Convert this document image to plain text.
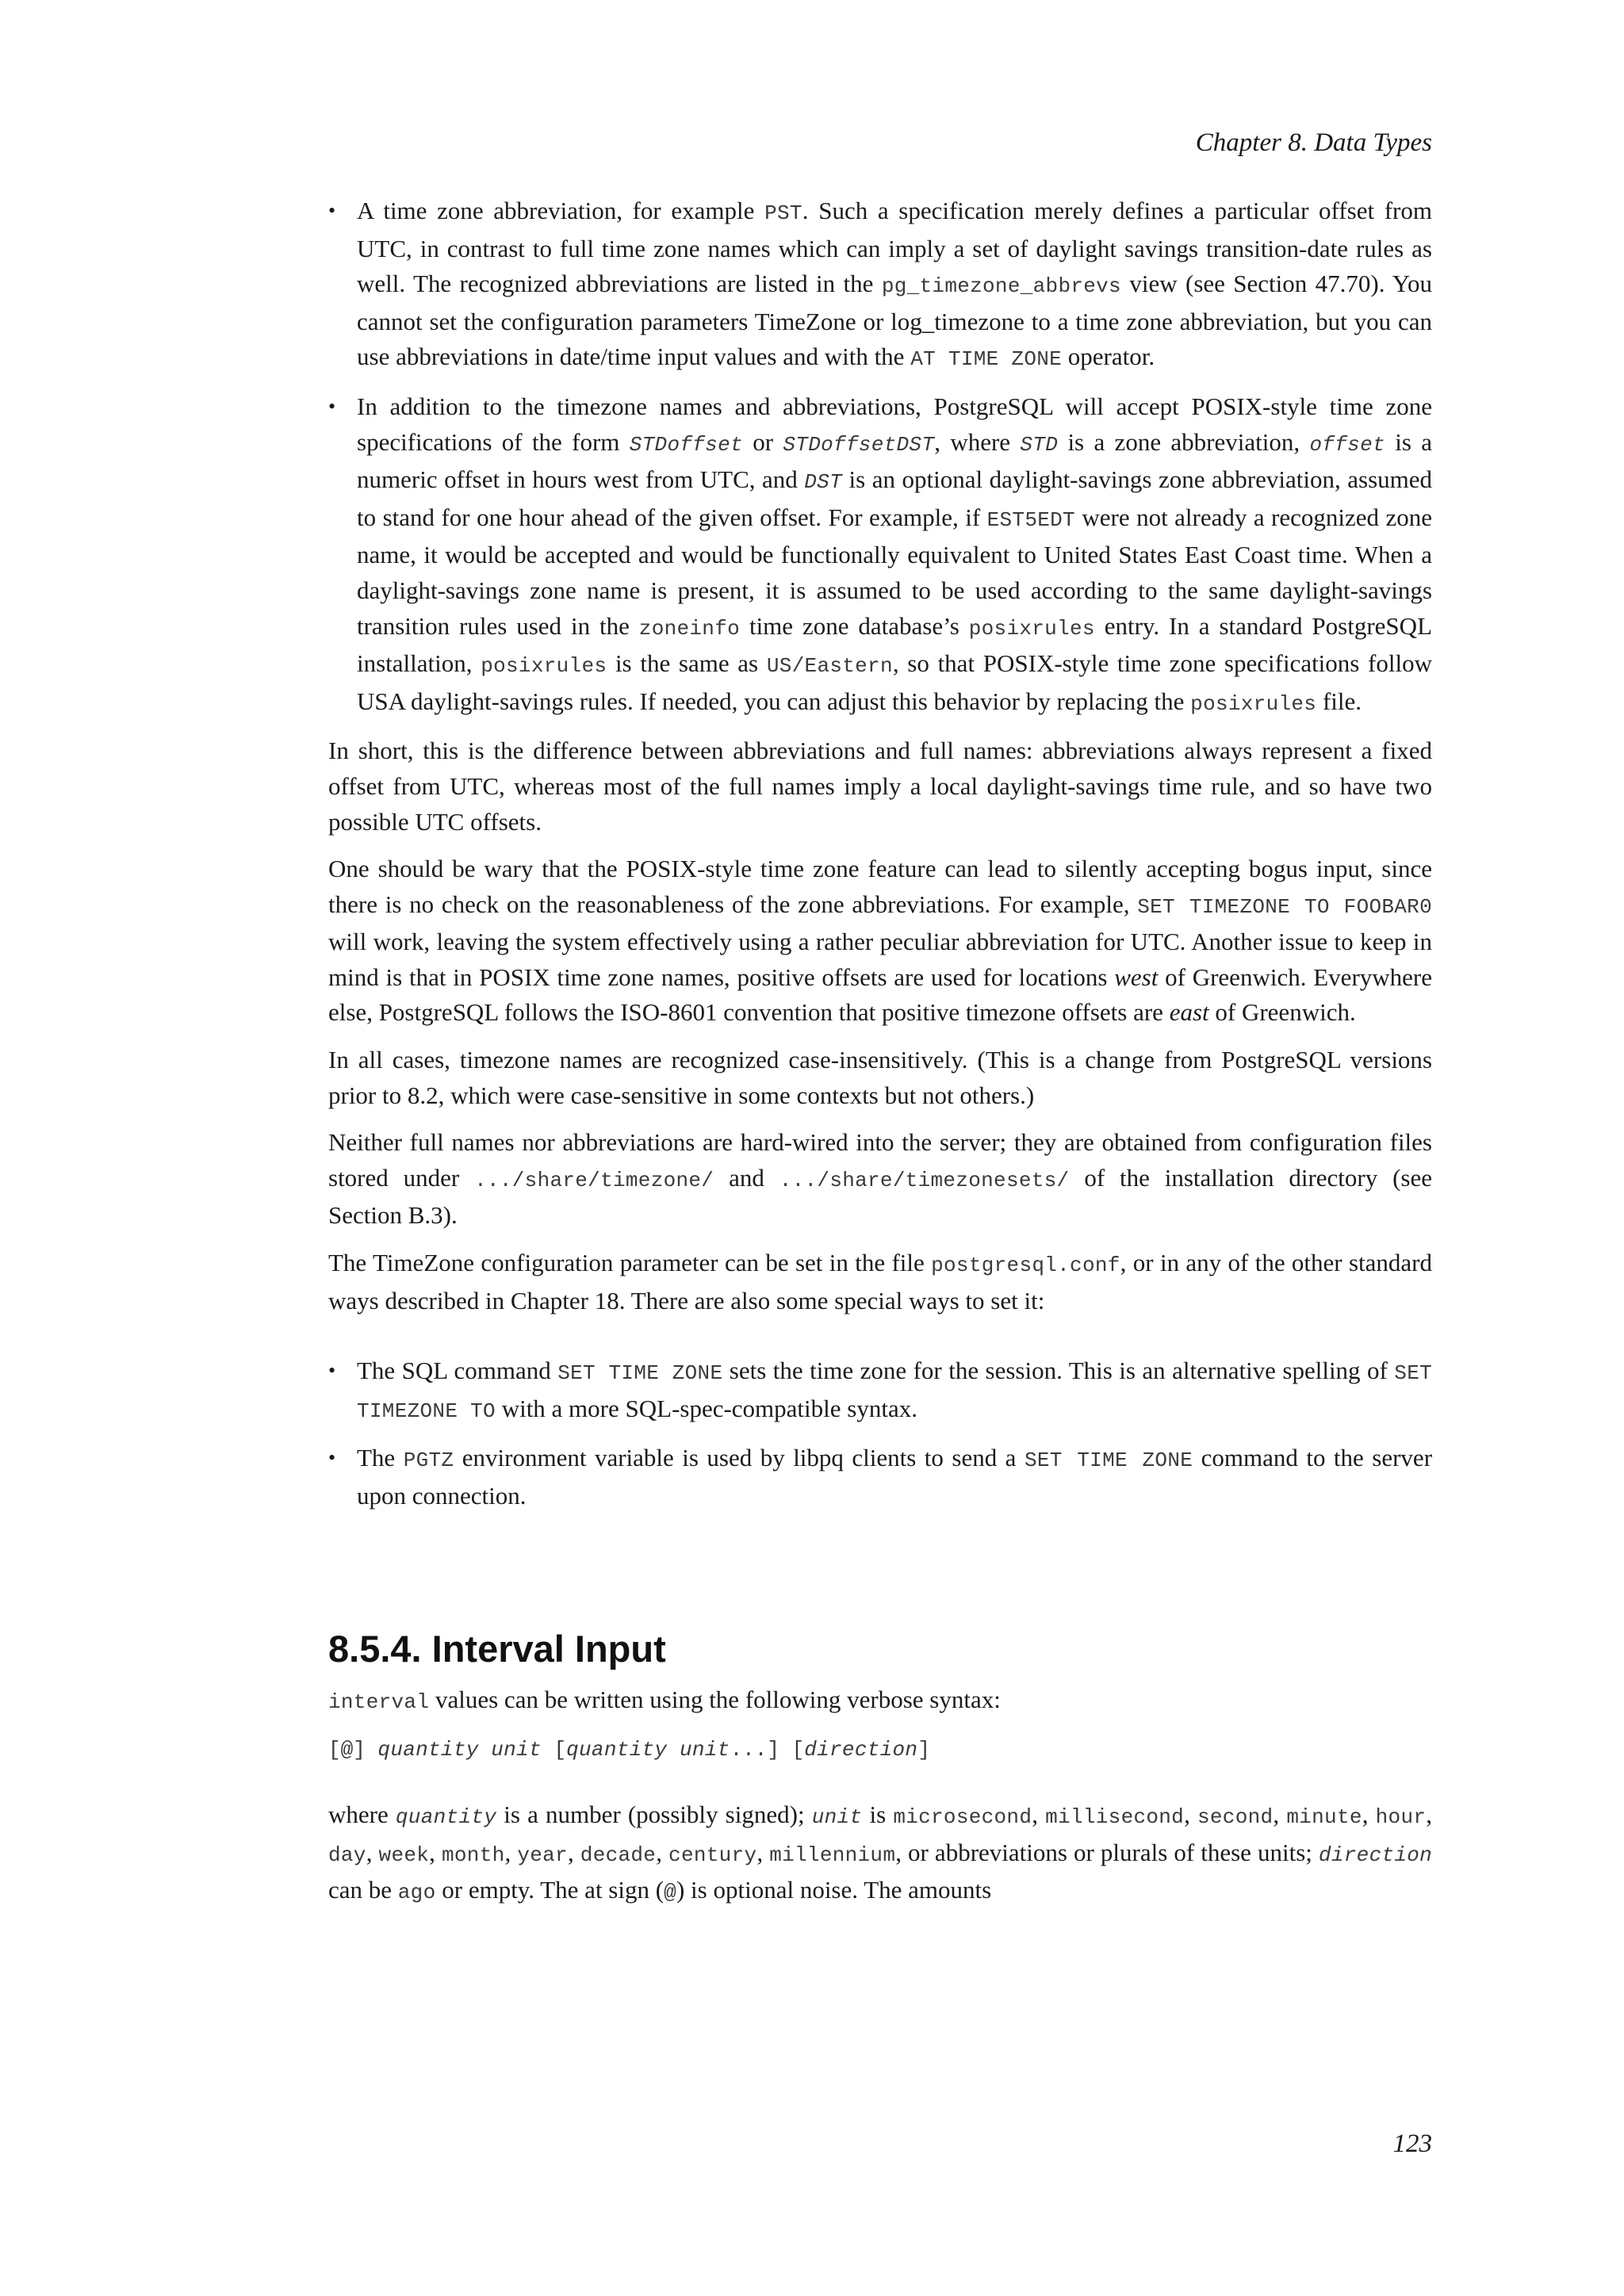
Chapter 8. Data Types
• A time zone abbreviation, for example PST. Such a specification merely defines a particular offset from UTC, in contrast to full time zone names which can imply a set of daylight savings transition-date rules as well. The recognized abbreviations are listed in the pg_timezone_abbrevs view (see Section 47.70). You cannot set the configuration parameters TimeZone or log_timezone to a time zone abbreviation, but you can use abbreviations in date/time input values and with the AT TIME ZONE operator.
• In addition to the timezone names and abbreviations, PostgreSQL will accept POSIX-style time zone specifications of the form STDoffset or STDoffsetDST, where STD is a zone abbreviation, offset is a numeric offset in hours west from UTC, and DST is an optional daylight-savings zone abbreviation, assumed to stand for one hour ahead of the given offset. For example, if EST5EDT were not already a recognized zone name, it would be accepted and would be functionally equivalent to United States East Coast time. When a daylight-savings zone name is present, it is assumed to be used according to the same daylight-savings transition rules used in the zoneinfo time zone database’s posixrules entry. In a standard PostgreSQL installation, posixrules is the same as US/Eastern, so that POSIX-style time zone specifications follow USA daylight-savings rules. If needed, you can adjust this behavior by replacing the posixrules file.

In short, this is the difference between abbreviations and full names: abbreviations always represent a fixed offset from UTC, whereas most of the full names imply a local daylight-savings time rule, and so have two possible UTC offsets.

One should be wary that the POSIX-style time zone feature can lead to silently accepting bogus input, since there is no check on the reasonableness of the zone abbreviations. For example, SET TIMEZONE TO FOOBAR0 will work, leaving the system effectively using a rather peculiar abbreviation for UTC. Another issue to keep in mind is that in POSIX time zone names, positive offsets are used for locations west of Greenwich. Everywhere else, PostgreSQL follows the ISO-8601 convention that positive timezone offsets are east of Greenwich.

In all cases, timezone names are recognized case-insensitively. (This is a change from PostgreSQL versions prior to 8.2, which were case-sensitive in some contexts but not others.)

Neither full names nor abbreviations are hard-wired into the server; they are obtained from configuration files stored under .../share/timezone/ and .../share/timezonesets/ of the installation directory (see Section B.3).

The TimeZone configuration parameter can be set in the file postgresql.conf, or in any of the other standard ways described in Chapter 18. There are also some special ways to set it:

• The SQL command SET TIME ZONE sets the time zone for the session. This is an alternative spelling of SET TIMEZONE TO with a more SQL-spec-compatible syntax.
• The PGTZ environment variable is used by libpq clients to send a SET TIME ZONE command to the server upon connection.
8.5.4. Interval Input

interval values can be written using the following verbose syntax:

[@] quantity unit [quantity unit...] [direction]

where quantity is a number (possibly signed); unit is microsecond, millisecond, second, minute, hour, day, week, month, year, decade, century, millennium, or abbreviations or plurals of these units; direction can be ago or empty. The at sign (@) is optional noise. The amounts

123
